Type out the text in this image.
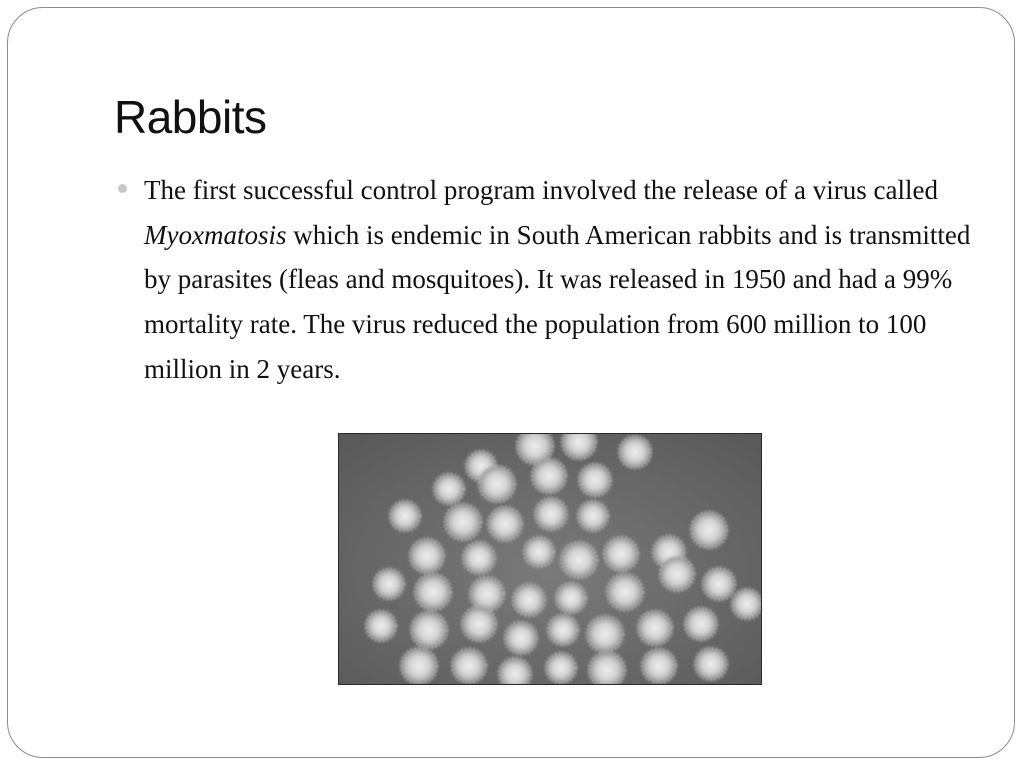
Rabbits

The first successful control program involved the release of a virus called Myoxmatosis which is endemic in South American rabbits and is transmitted by parasites (fleas and mosquitoes). It was released in 1950 and had a 99% mortality rate. The virus reduced the population from 600 million to 100 million in 2 years.
